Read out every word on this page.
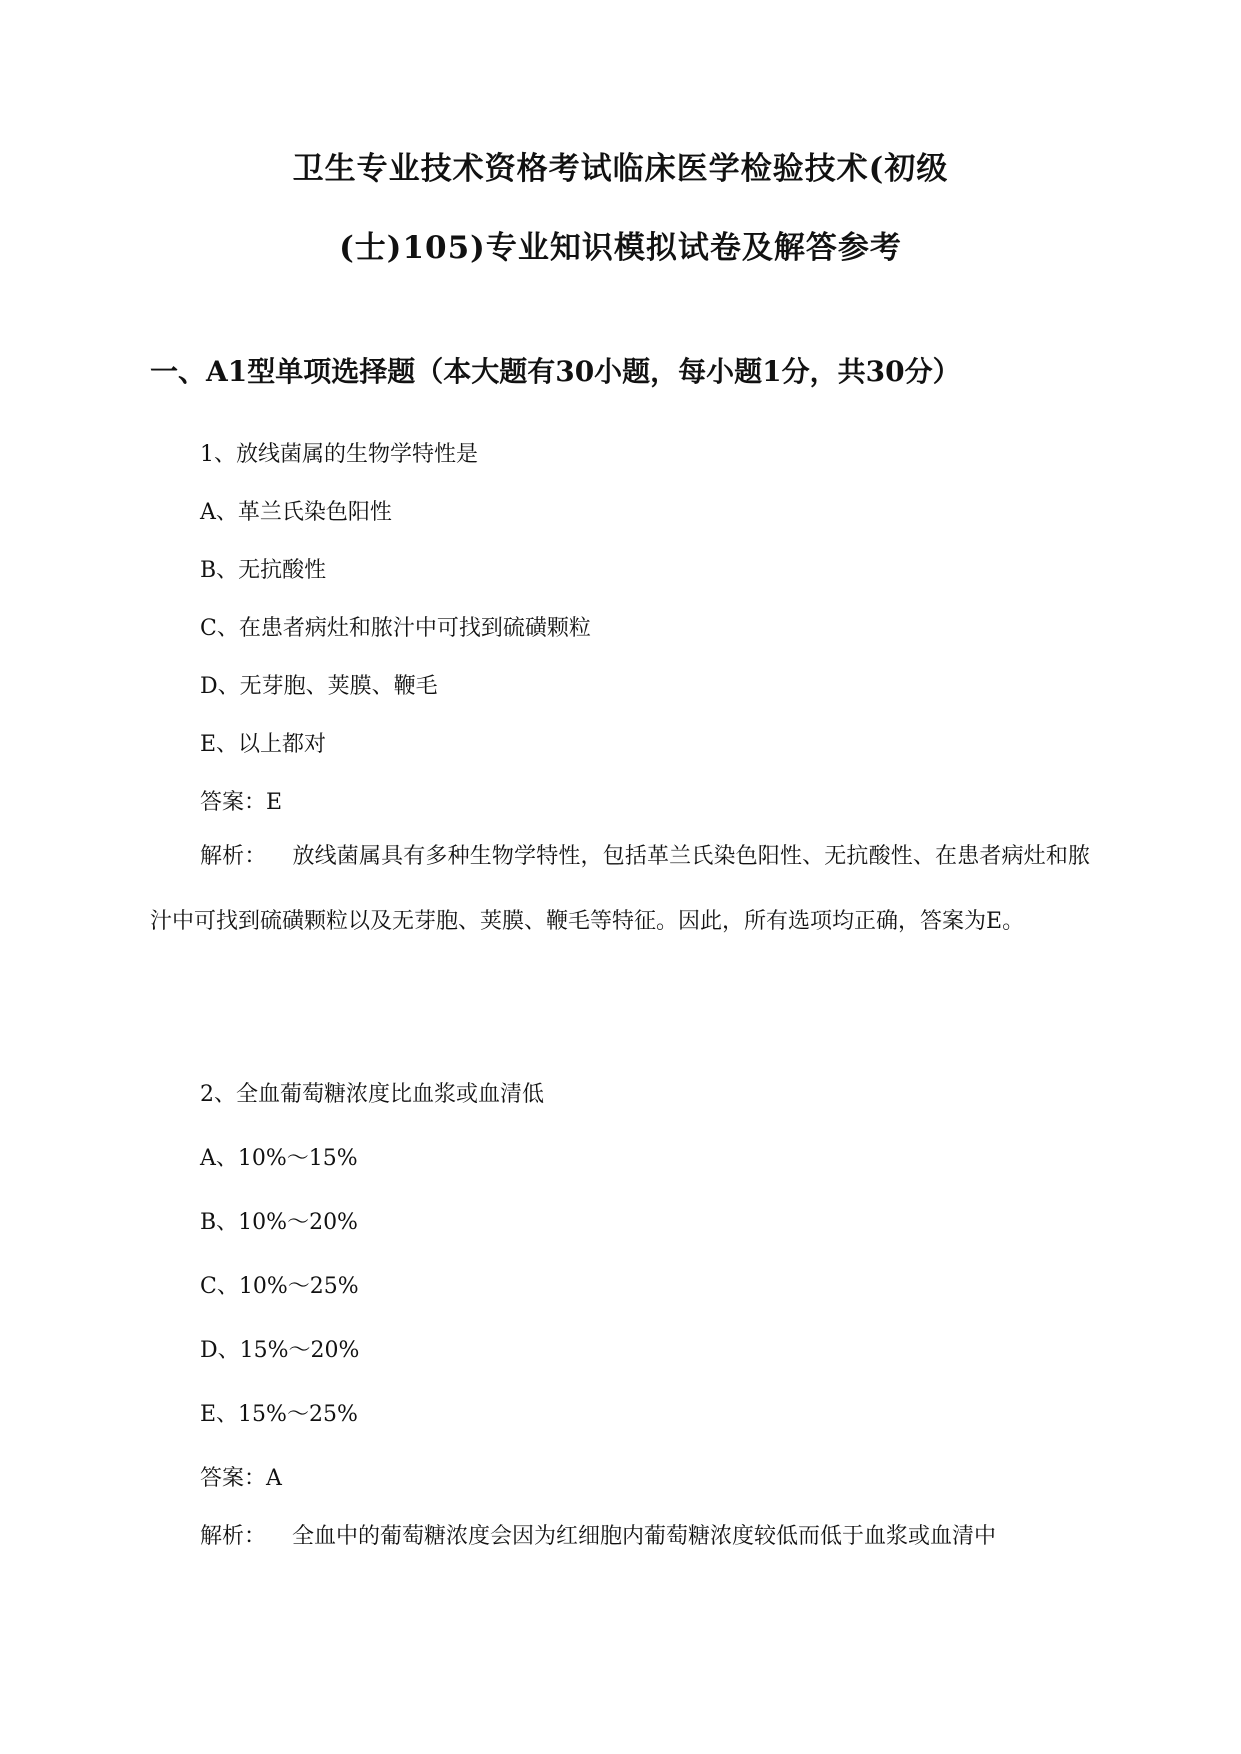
卫生专业技术资格考试临床医学检验技术(初级
(士)105)专业知识模拟试卷及解答参考
一、A1型单项选择题（本大题有30小题，每小题1分，共30分）
1、放线菌属的生物学特性是
A、革兰氏染色阳性
B、无抗酸性
C、在患者病灶和脓汁中可找到硫磺颗粒
D、无芽胞、荚膜、鞭毛
E、以上都对
答案：E
解析： 放线菌属具有多种生物学特性，包括革兰氏染色阳性、无抗酸性、在患者病灶和脓汁中可找到硫磺颗粒以及无芽胞、荚膜、鞭毛等特征。因此，所有选项均正确，答案为E。
2、全血葡萄糖浓度比血浆或血清低
A、10%～15%
B、10%～20%
C、10%～25%
D、15%～20%
E、15%～25%
答案：A
解析： 全血中的葡萄糖浓度会因为红细胞内葡萄糖浓度较低而低于血浆或血清中
